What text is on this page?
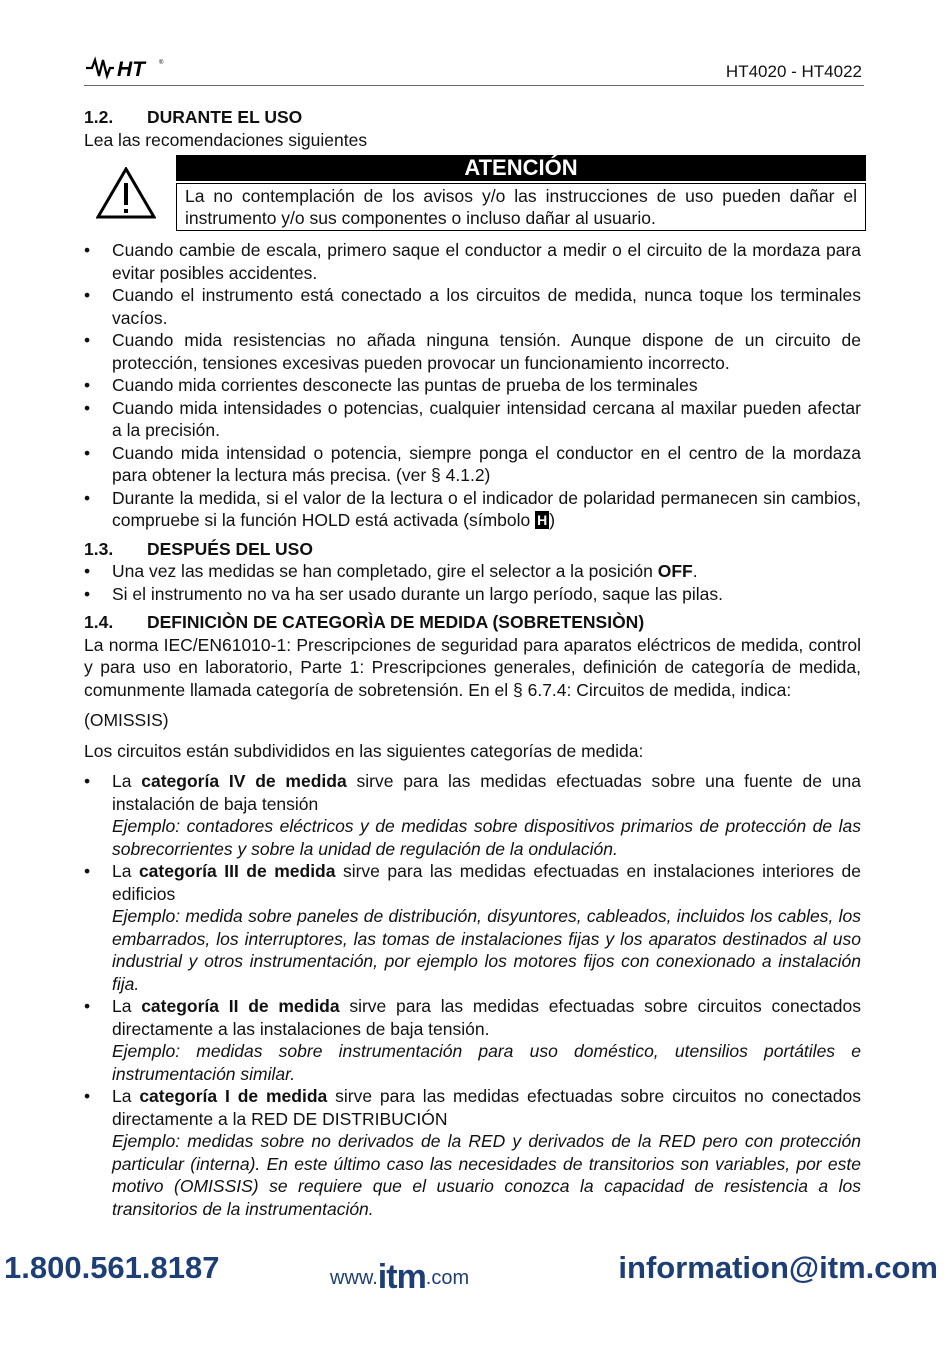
HT	®	HT4020 - HT4022
1.2. DURANTE EL USO

Lea las recomendaciones siguientes

ATENCIÓN
La no contemplación de los avisos y/o las instrucciones de uso pueden dañar el instrumento y/o sus componentes o incluso dañar al usuario.
• Cuando cambie de escala, primero saque el conductor a medir o el circuito de la mordaza para evitar posibles accidentes.
• Cuando el instrumento está conectado a los circuitos de medida, nunca toque los terminales vacíos.
• Cuando mida resistencias no añada ninguna tensión. Aunque dispone de un circuito de protección, tensiones excesivas pueden provocar un funcionamiento incorrecto.
• Cuando mida corrientes desconecte las puntas de prueba de los terminales
• Cuando mida intensidades o potencias, cualquier intensidad cercana al maxilar pueden afectar a la precisión.
• Cuando mida intensidad o potencia, siempre ponga el conductor en el centro de la mordaza para obtener la lectura más precisa. (ver § 4.1.2)
• Durante la medida, si el valor de la lectura o el indicador de polaridad permanecen sin cambios, compruebe si la función HOLD está activada (símbolo H )
1.3. DESPUÉS DEL USO
• Una vez las medidas se han completado, gire el selector a la posición OFF.
• Si el instrumento no va ha ser usado durante un largo período, saque las pilas.
1.4. DEFINICIÒN DE CATEGORÌA DE MEDIDA (SOBRETENSIÒN)

La norma IEC/EN61010-1: Prescripciones de seguridad para aparatos eléctricos de medida, control y para uso en laboratorio, Parte 1: Prescripciones generales, definición de categoría de medida, comunmente llamada categoría de sobretensión. En el § 6.7.4: Circuitos de medida, indica:

(OMISSIS)

Los circuitos están subdivididos en las siguientes categorías de medida:

• La categoría IV de medida sirve para las medidas efectuadas sobre una fuente de una instalación de baja tensión
Ejemplo: contadores eléctricos y de medidas sobre dispositivos primarios de protección de las sobrecorrientes y sobre la unidad de regulación de la ondulación.
• La categoría III de medida sirve para las medidas efectuadas en instalaciones interiores de edificios
Ejemplo: medida sobre paneles de distribución, disyuntores, cableados, incluidos los cables, los embarrados, los interruptores, las tomas de instalaciones fijas y los aparatos destinados al uso industrial y otros instrumentación, por ejemplo los motores fijos con conexionado a instalación fija.
• La categoría II de medida sirve para las medidas efectuadas sobre circuitos conectados directamente a las instalaciones de baja tensión.
Ejemplo: medidas sobre instrumentación para uso doméstico, utensilios portátiles e instrumentación similar.
• La categoría I de medida sirve para las medidas efectuadas sobre circuitos no conectados directamente a la RED DE DISTRIBUCIÓN
Ejemplo: medidas sobre no derivados de la RED y derivados de la RED pero con protección particular (interna). En este último caso las necesidades de transitorios son variables, por este motivo (OMISSIS) se requiere que el usuario conozca la capacidad de resistencia a los transitorios de la instrumentación.
1.800.561.8187	www.itm.com	information@itm.com
